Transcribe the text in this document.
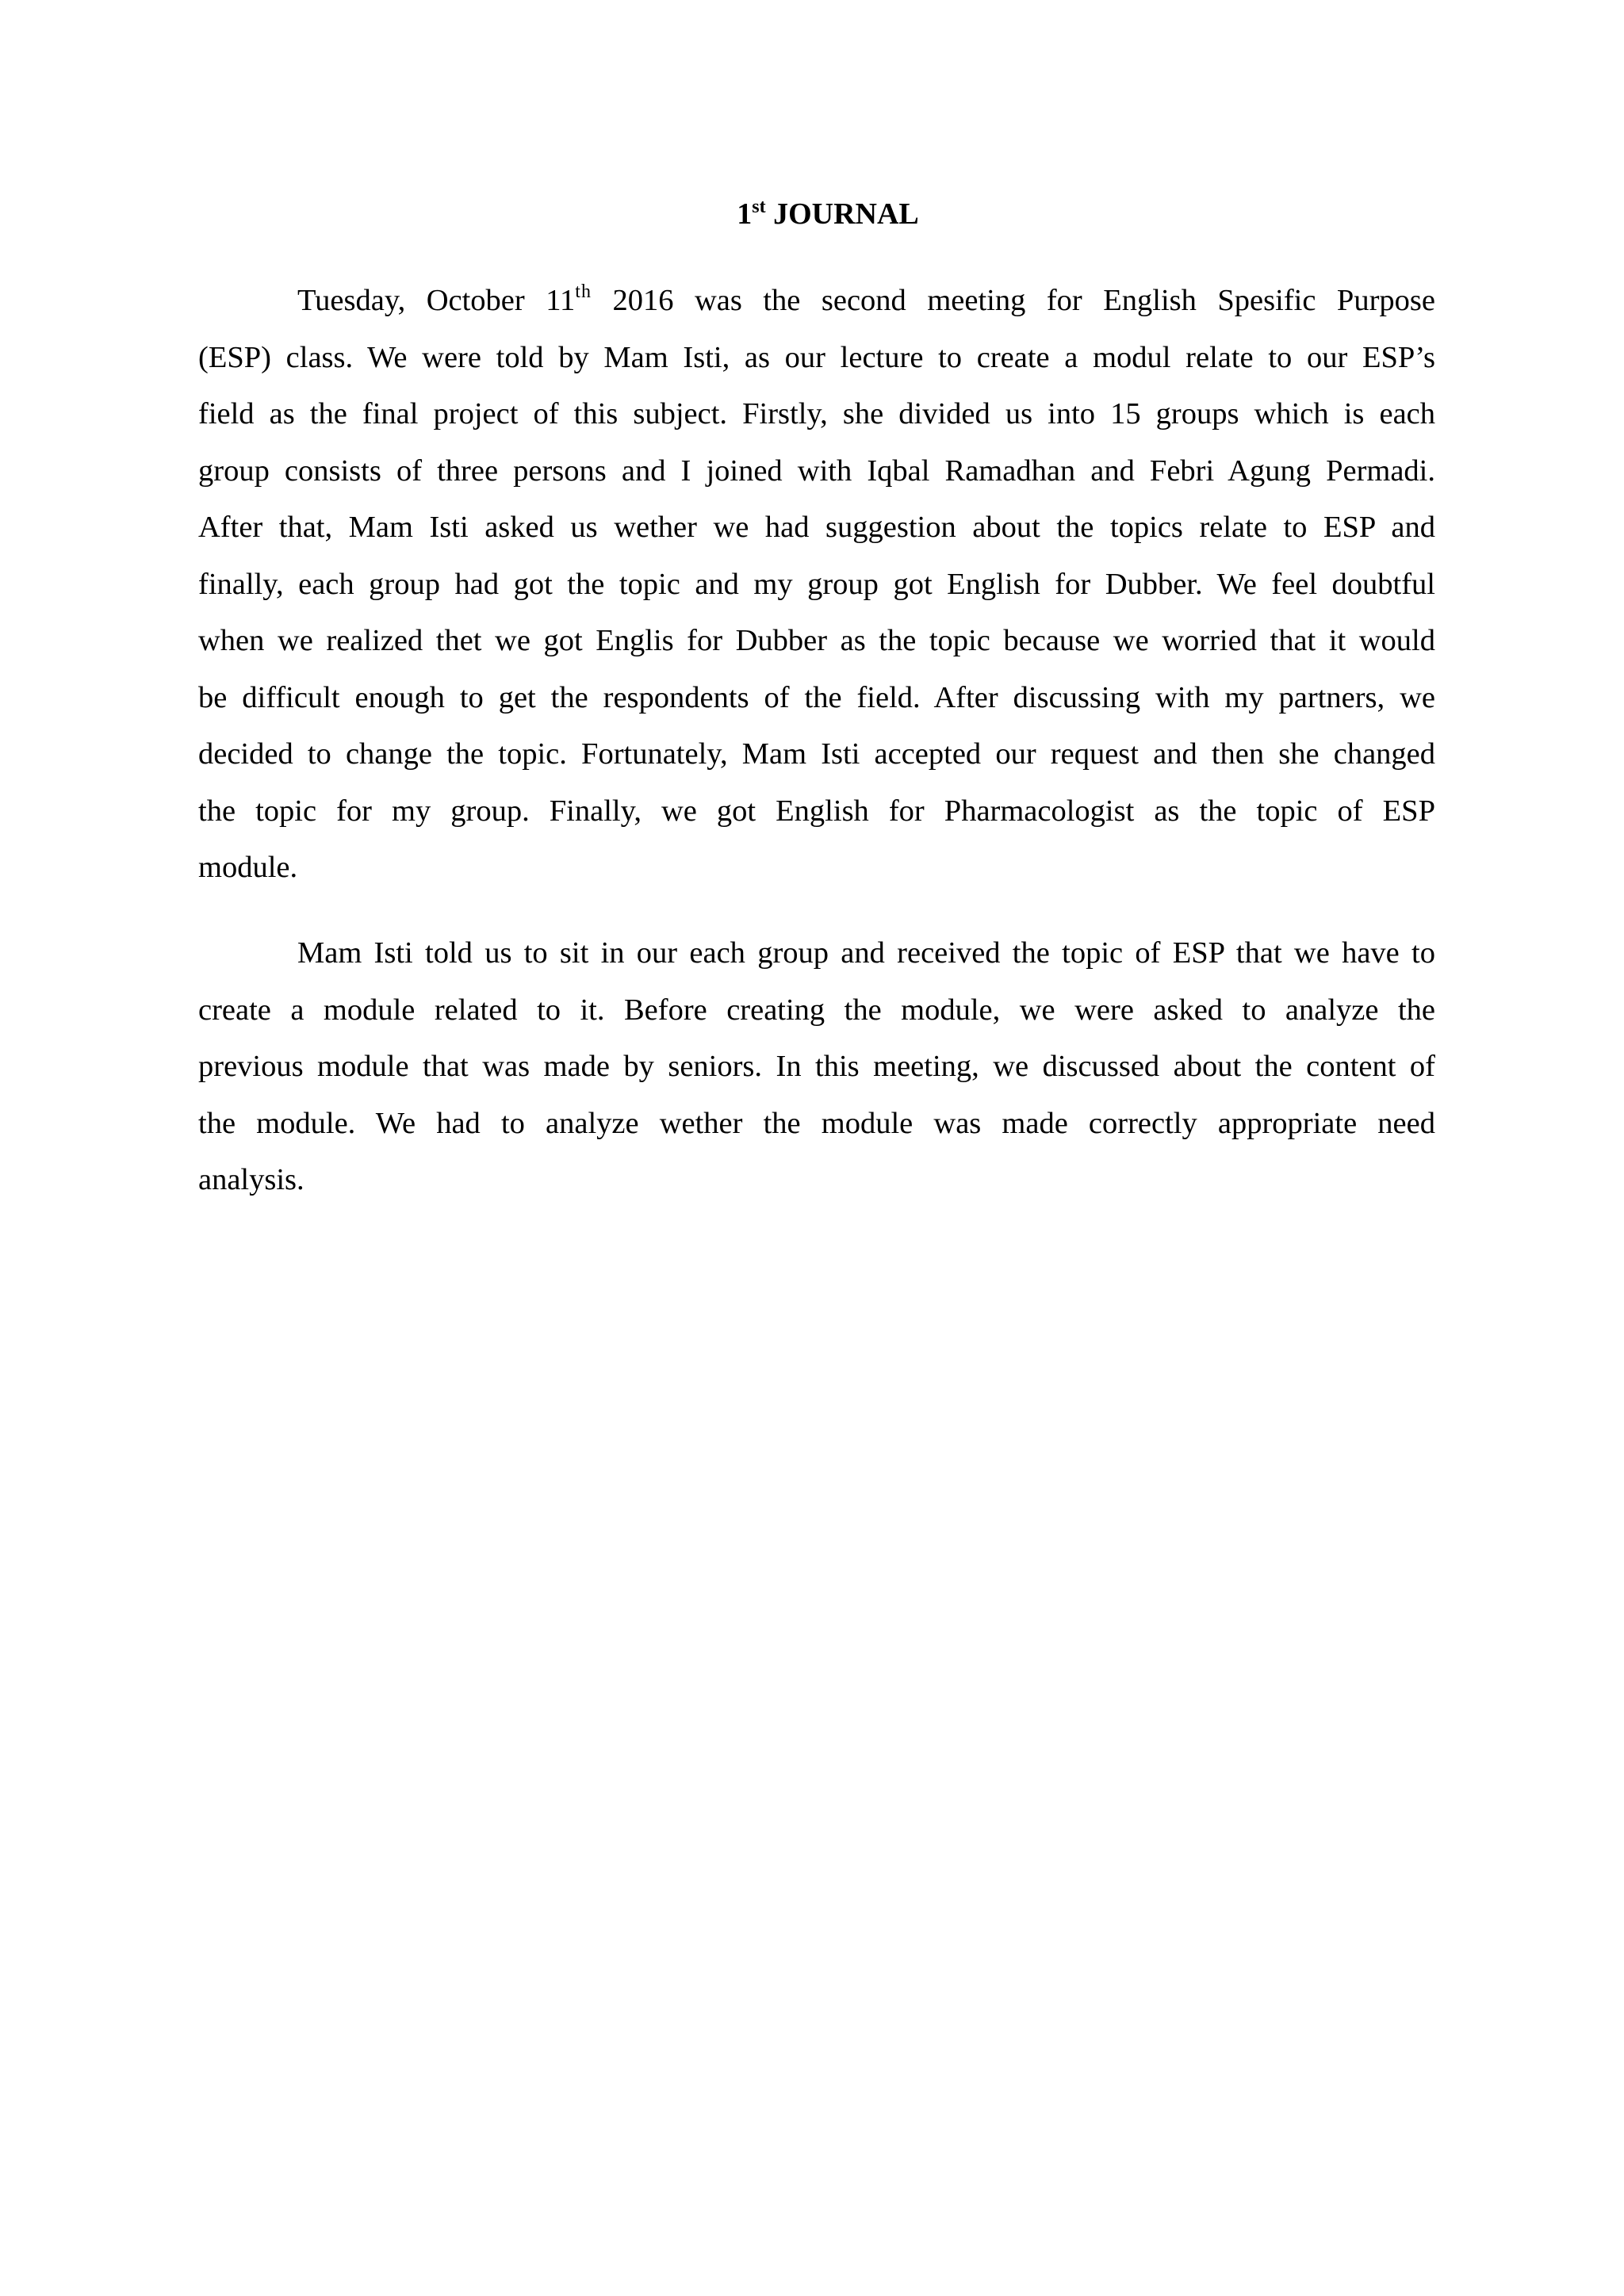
1st JOURNAL
Tuesday, October 11th 2016 was the second meeting for English Spesific Purpose
(ESP) class. We were told by Mam Isti, as our lecture to create a modul relate to our ESP’s
field as the final project of this subject. Firstly, she divided us into 15 groups which is each
group consists of three persons and I joined with Iqbal Ramadhan and Febri Agung Permadi.
After that, Mam Isti asked us wether we had suggestion about the topics relate to ESP and
finally, each group had got the topic and my group got English for Dubber. We feel doubtful
when we realized thet we got Englis for Dubber as the topic because we worried that it would
be difficult enough to get the respondents of the field. After discussing with my partners, we
decided to change the topic. Fortunately, Mam Isti accepted our request and then she changed
the topic for my group. Finally, we got English for Pharmacologist as the topic of ESP
module.
Mam Isti told us to sit in our each group and received the topic of ESP that we have to
create a module related to it. Before creating the module, we were asked to analyze the
previous module that was made by seniors. In this meeting, we discussed about the content of
the module. We had to analyze wether the module was made correctly appropriate need
analysis.
